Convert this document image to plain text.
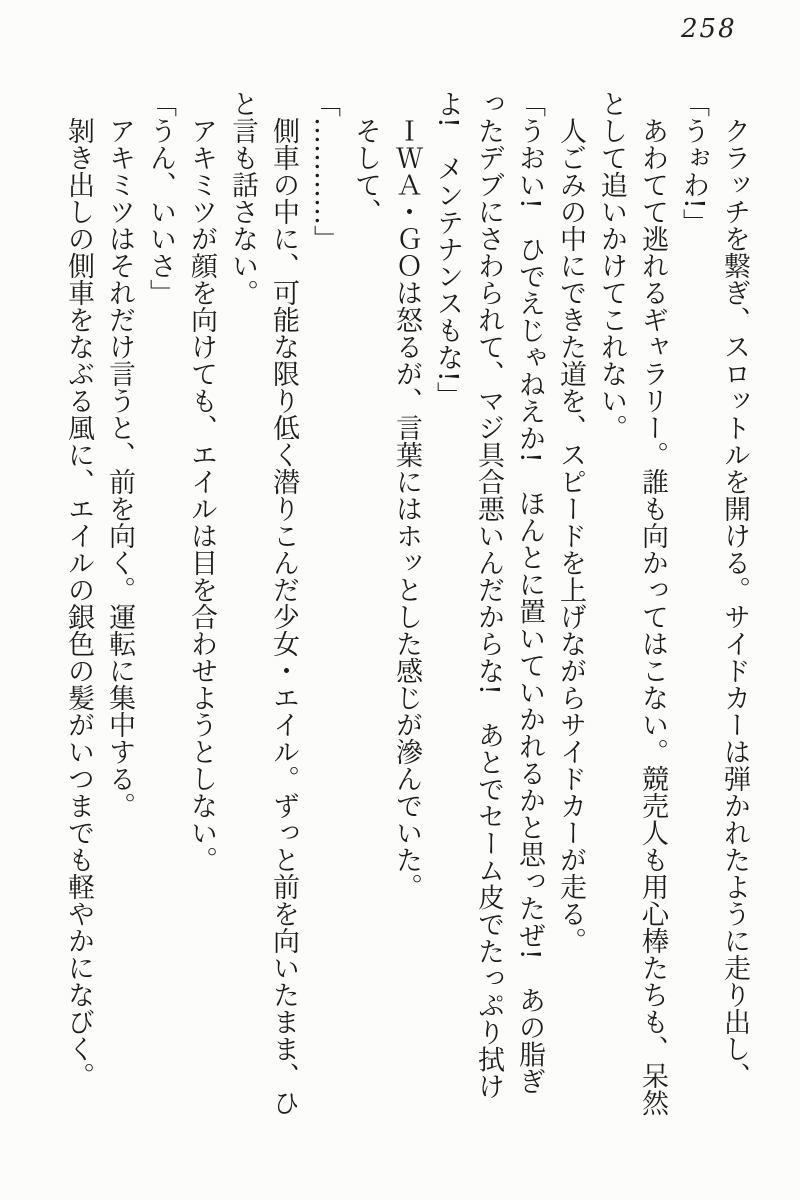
258

クラッチを繋ぎ、スロットルを開ける。サイドカーは弾かれたように走り出し、

「うぉわ!」

あわてて逃れるギャラリー。誰も向かってはこない。競売人も用心棒たちも、呆然として追いかけてこれない。

人ごみの中にできた道を、スピードを上げながらサイドカーが走る。

「うおい!　ひでえじゃねえか!　ほんとに置いていかれるかと思ったぜ!　あの脂ぎったデブにさわられて、マジ具合悪いんだからな!　あとでセーム皮でたっぷり拭けよ!　メンテナンスもな!」

ＩＷＡ・ＧＯは怒るが、言葉にはホッとした感じが滲んでいた。

そして、

「…………」

側車の中に、可能な限り低く潜りこんだ少女・エイル。ずっと前を向いたまま、ひと言も話さない。

アキミツが顔を向けても、エイルは目を合わせようとしない。

「うん、いいさ」

アキミツはそれだけ言うと、前を向く。運転に集中する。

剝き出しの側車をなぶる風に、エイルの銀色の髪がいつまでも軽やかになびく。
